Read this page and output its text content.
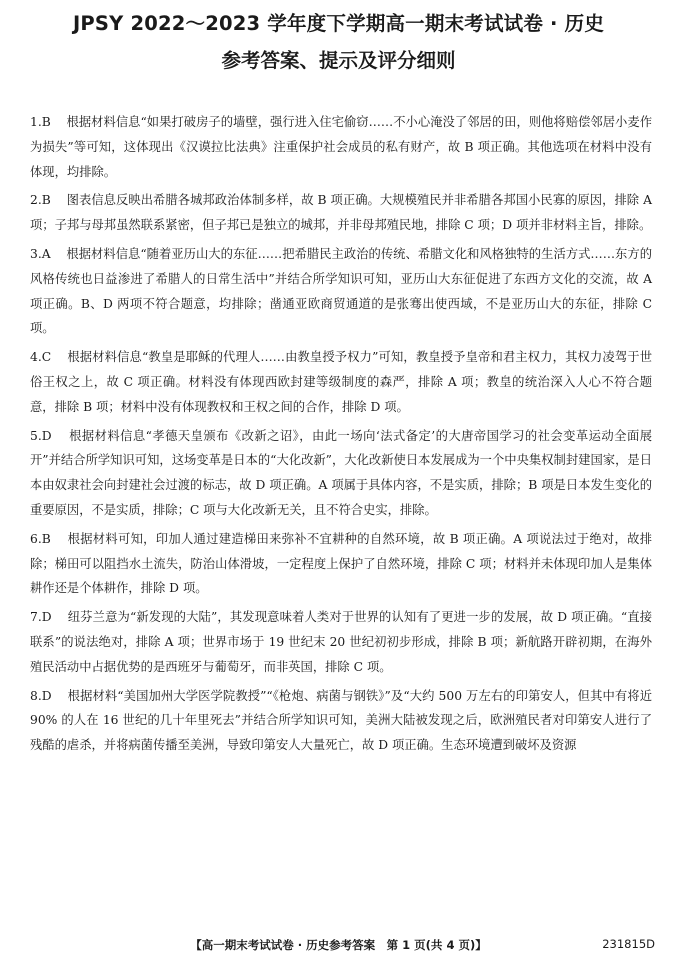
JPSY 2022～2023 学年度下学期高一期末考试试卷 · 历史
参考答案、提示及评分细则
1.B 根据材料信息“如果打破房子的墙壁，强行进入住宅偷窃……不小心淹没了邻居的田，则他将赔偿邻居小麦作为损失”等可知，这体现出《汉谟拉比法典》注重保护社会成员的私有财产，故 B 项正确。其他选项在材料中没有体现，均排除。
2.B 图表信息反映出希腊各城邦政治体制多样，故 B 项正确。大规模殖民并非希腊各邦国小民寡的原因，排除 A 项；子邦与母邦虽然联系紧密，但子邦已是独立的城邦，并非母邦殖民地，排除 C 项；D 项并非材料主旨，排除。
3.A 根据材料信息“随着亚历山大的东征……把希腊民主政治的传统、希腊文化和风格独特的生活方式……东方的风格传统也日益渗进了希腊人的日常生活中”并结合所学知识可知，亚历山大东征促进了东西方文化的交流，故 A 项正确。B、D 两项不符合题意，均排除；凿通亚欧商贸通道的是张骞出使西域，不是亚历山大的东征，排除 C 项。
4.C 根据材料信息“教皇是耶稣的代理人……由教皇授予权力”可知，教皇授予皇帝和君主权力，其权力凌驾于世俗王权之上，故 C 项正确。材料没有体现西欧封建等级制度的森严，排除 A 项；教皇的统治深入人心不符合题意，排除 B 项；材料中没有体现教权和王权之间的合作，排除 D 项。
5.D 根据材料信息“孝德天皇颁布《改新之诏》，由此一场向‘法式备定’的大唐帝国学习的社会变革运动全面展开”并结合所学知识可知，这场变革是日本的“大化改新”，大化改新使日本发展成为一个中央集权制封建国家，是日本由奴隶社会向封建社会过渡的标志，故 D 项正确。A 项属于具体内容，不是实质，排除；B 项是日本发生变化的重要原因，不是实质，排除；C 项与大化改新无关，且不符合史实，排除。
6.B 根据材料可知，印加人通过建造梯田来弥补不宜耕种的自然环境，故 B 项正确。A 项说法过于绝对，故排除；梯田可以阻挡水土流失，防治山体滑坡，一定程度上保护了自然环境，排除 C 项；材料并未体现印加人是集体耕作还是个体耕作，排除 D 项。
7.D 纽芬兰意为“新发现的大陆”，其发现意味着人类对于世界的认知有了更进一步的发展，故 D 项正确。“直接联系”的说法绝对，排除 A 项；世界市场于 19 世纪末 20 世纪初初步形成，排除 B 项；新航路开辟初期，在海外殖民活动中占据优势的是西班牙与葡萄牙，而非英国，排除 C 项。
8.D 根据材料“美国加州大学医学院教授”“《枪炮、病菌与钢铁》”及“大约 500 万左右的印第安人，但其中有将近 90% 的人在 16 世纪的几十年里死去”并结合所学知识可知，美洲大陆被发现之后，欧洲殖民者对印第安人进行了残酷的虐杀，并将病菌传播至美洲，导致印第安人大量死亡，故 D 项正确。生态环境遭到破坏及资源
【高一期末考试试卷 · 历史参考答案　第 1 页(共 4 页)】	231815D
